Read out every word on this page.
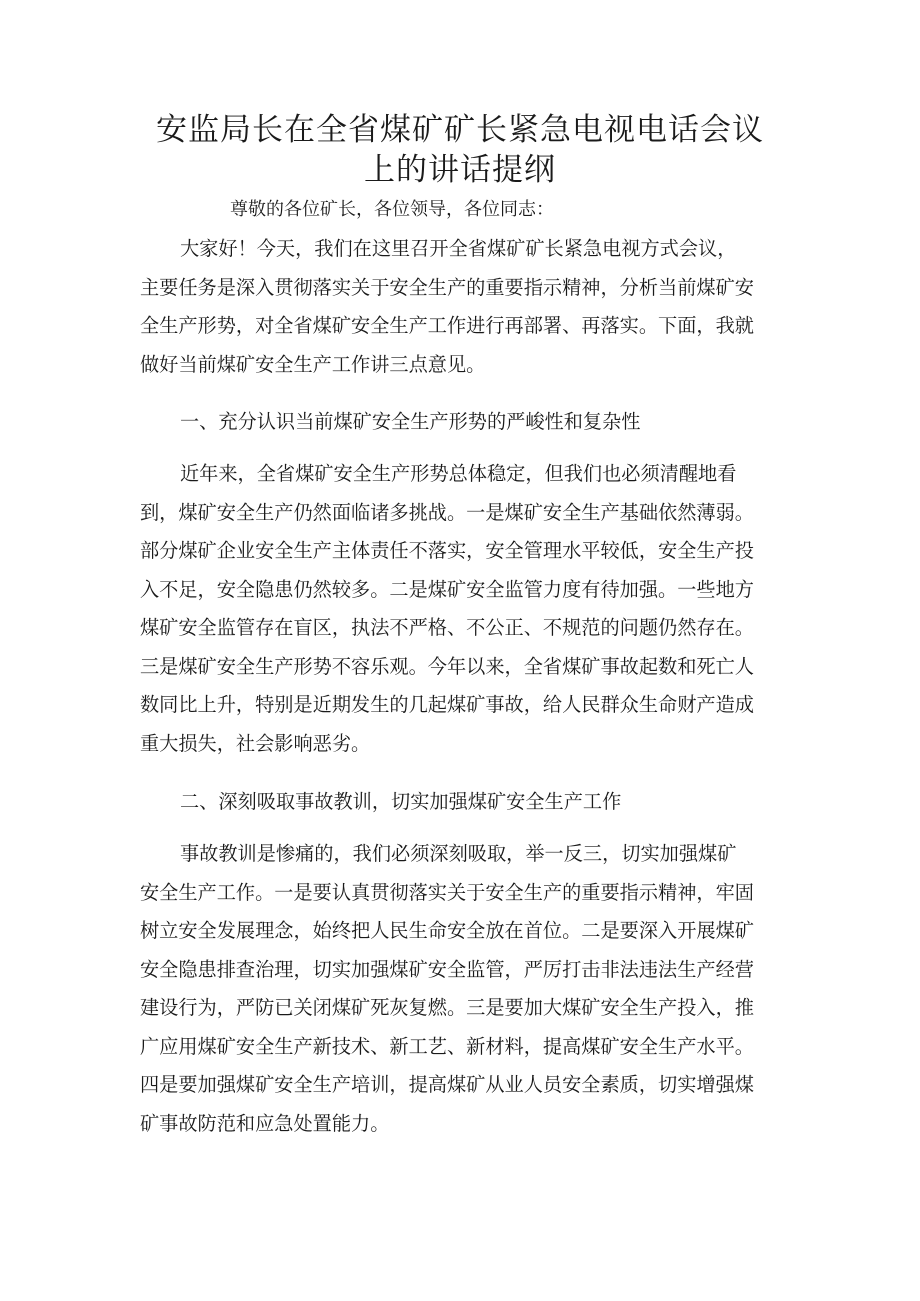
安监局长在全省煤矿矿长紧急电视电话会议
上的讲话提纲

尊敬的各位矿长，各位领导，各位同志：

大家好！今天，我们在这里召开全省煤矿矿长紧急电视方式会议，
主要任务是深入贯彻落实关于安全生产的重要指示精神，分析当前煤矿安
全生产形势，对全省煤矿安全生产工作进行再部署、再落实。下面，我就
做好当前煤矿安全生产工作讲三点意见。

一、充分认识当前煤矿安全生产形势的严峻性和复杂性

近年来，全省煤矿安全生产形势总体稳定，但我们也必须清醒地看
到，煤矿安全生产仍然面临诸多挑战。一是煤矿安全生产基础依然薄弱。
部分煤矿企业安全生产主体责任不落实，安全管理水平较低，安全生产投
入不足，安全隐患仍然较多。二是煤矿安全监管力度有待加强。一些地方
煤矿安全监管存在盲区，执法不严格、不公正、不规范的问题仍然存在。
三是煤矿安全生产形势不容乐观。今年以来，全省煤矿事故起数和死亡人
数同比上升，特别是近期发生的几起煤矿事故，给人民群众生命财产造成
重大损失，社会影响恶劣。

二、深刻吸取事故教训，切实加强煤矿安全生产工作

事故教训是惨痛的，我们必须深刻吸取，举一反三，切实加强煤矿
安全生产工作。一是要认真贯彻落实关于安全生产的重要指示精神，牢固
树立安全发展理念，始终把人民生命安全放在首位。二是要深入开展煤矿
安全隐患排查治理，切实加强煤矿安全监管，严厉打击非法违法生产经营
建设行为，严防已关闭煤矿死灰复燃。三是要加大煤矿安全生产投入，推
广应用煤矿安全生产新技术、新工艺、新材料，提高煤矿安全生产水平。
四是要加强煤矿安全生产培训，提高煤矿从业人员安全素质，切实增强煤
矿事故防范和应急处置能力。
